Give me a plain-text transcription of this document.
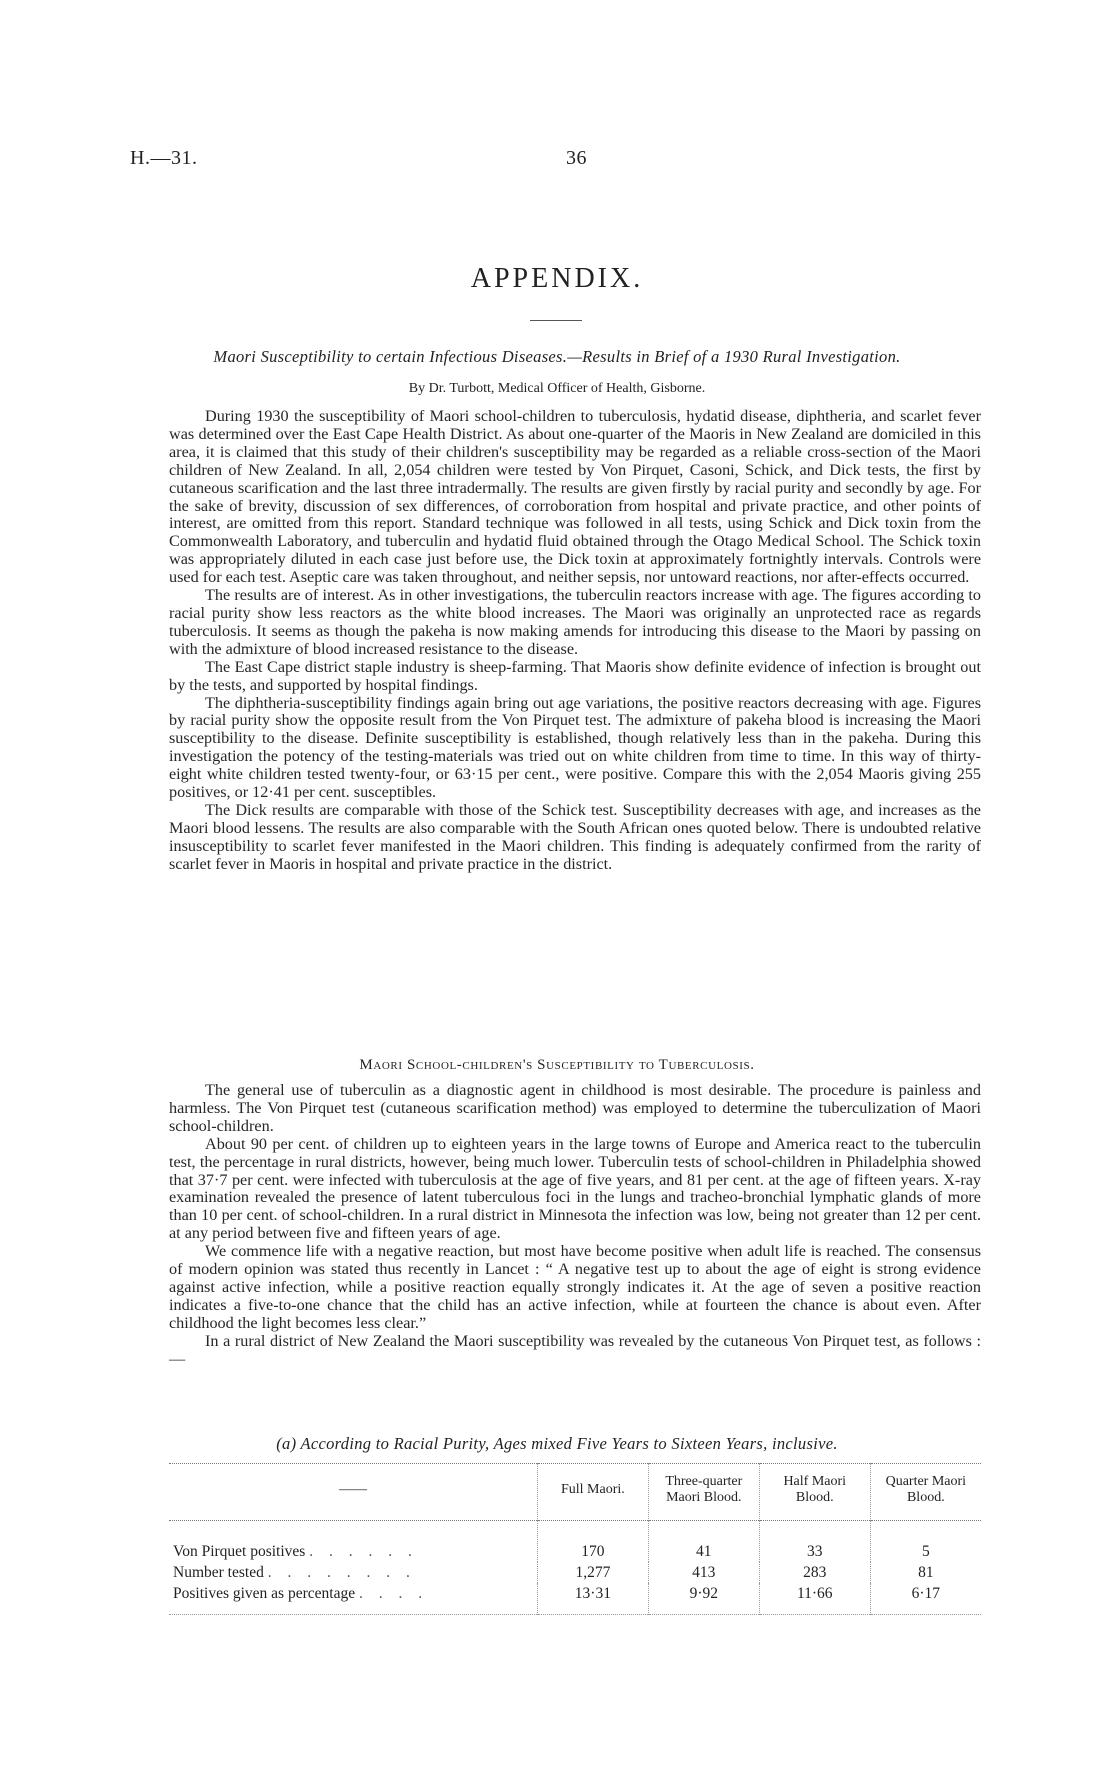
H.—31.	36
APPENDIX.
Maori Susceptibility to certain Infectious Diseases.—Results in Brief of a 1930 Rural Investigation.
By Dr. Turbott, Medical Officer of Health, Gisborne.

During 1930 the susceptibility of Maori school-children to tuberculosis, hydatid disease, diphtheria, and scarlet fever was determined over the East Cape Health District. As about one-quarter of the Maoris in New Zealand are domiciled in this area, it is claimed that this study of their children's susceptibility may be regarded as a reliable cross-section of the Maori children of New Zealand. In all, 2,054 children were tested by Von Pirquet, Casoni, Schick, and Dick tests, the first by cutaneous scarification and the last three intradermally. The results are given firstly by racial purity and secondly by age. For the sake of brevity, discussion of sex differences, of corroboration from hospital and private practice, and other points of interest, are omitted from this report. Standard technique was followed in all tests, using Schick and Dick toxin from the Commonwealth Laboratory, and tuberculin and hydatid fluid obtained through the Otago Medical School. The Schick toxin was appropriately diluted in each case just before use, the Dick toxin at approximately fortnightly intervals. Controls were used for each test. Aseptic care was taken throughout, and neither sepsis, nor untoward reactions, nor after-effects occurred.

The results are of interest. As in other investigations, the tuberculin reactors increase with age. The figures according to racial purity show less reactors as the white blood increases. The Maori was originally an unprotected race as regards tuberculosis. It seems as though the pakeha is now making amends for introducing this disease to the Maori by passing on with the admixture of blood increased resistance to the disease.

The East Cape district staple industry is sheep-farming. That Maoris show definite evidence of infection is brought out by the tests, and supported by hospital findings.

The diphtheria-susceptibility findings again bring out age variations, the positive reactors decreasing with age. Figures by racial purity show the opposite result from the Von Pirquet test. The admixture of pakeha blood is increasing the Maori susceptibility to the disease. Definite susceptibility is established, though relatively less than in the pakeha. During this investigation the potency of the testing-materials was tried out on white children from time to time. In this way of thirty-eight white children tested twenty-four, or 63·15 per cent., were positive. Compare this with the 2,054 Maoris giving 255 positives, or 12·41 per cent. susceptibles.

The Dick results are comparable with those of the Schick test. Susceptibility decreases with age, and increases as the Maori blood lessens. The results are also comparable with the South African ones quoted below. There is undoubted relative insusceptibility to scarlet fever manifested in the Maori children. This finding is adequately confirmed from the rarity of scarlet fever in Maoris in hospital and private practice in the district.

Maori School-children's Susceptibility to Tuberculosis.

The general use of tuberculin as a diagnostic agent in childhood is most desirable. The procedure is painless and harmless. The Von Pirquet test (cutaneous scarification method) was employed to determine the tuberculization of Maori school-children.

About 90 per cent. of children up to eighteen years in the large towns of Europe and America react to the tuberculin test, the percentage in rural districts, however, being much lower. Tuberculin tests of school-children in Philadelphia showed that 37·7 per cent. were infected with tuberculosis at the age of five years, and 81 per cent. at the age of fifteen years. X-ray examination revealed the presence of latent tuberculous foci in the lungs and tracheo-bronchial lymphatic glands of more than 10 per cent. of school-children. In a rural district in Minnesota the infection was low, being not greater than 12 per cent. at any period between five and fifteen years of age.

We commence life with a negative reaction, but most have become positive when adult life is reached. The consensus of modern opinion was stated thus recently in Lancet : “ A negative test up to about the age of eight is strong evidence against active infection, while a positive reaction equally strongly indicates it. At the age of seven a positive reaction indicates a five-to-one chance that the child has an active infection, while at fourteen the chance is about even. After childhood the light becomes less clear.”

In a rural district of New Zealand the Maori susceptibility was revealed by the cutaneous Von Pirquet test, as follows :—

(a) According to Racial Purity, Ages mixed Five Years to Sixteen Years, inclusive.
——	Full Maori.	Three-quarter Maori Blood.	Half Maori Blood.	Quarter Maori Blood.
Von Pirquet positives . . . . . .	170	41	33	5
Number tested . . . . . . . .	1,277	413	283	81
Positives given as percentage . . . .	13·31	9·92	11·66	6·17
